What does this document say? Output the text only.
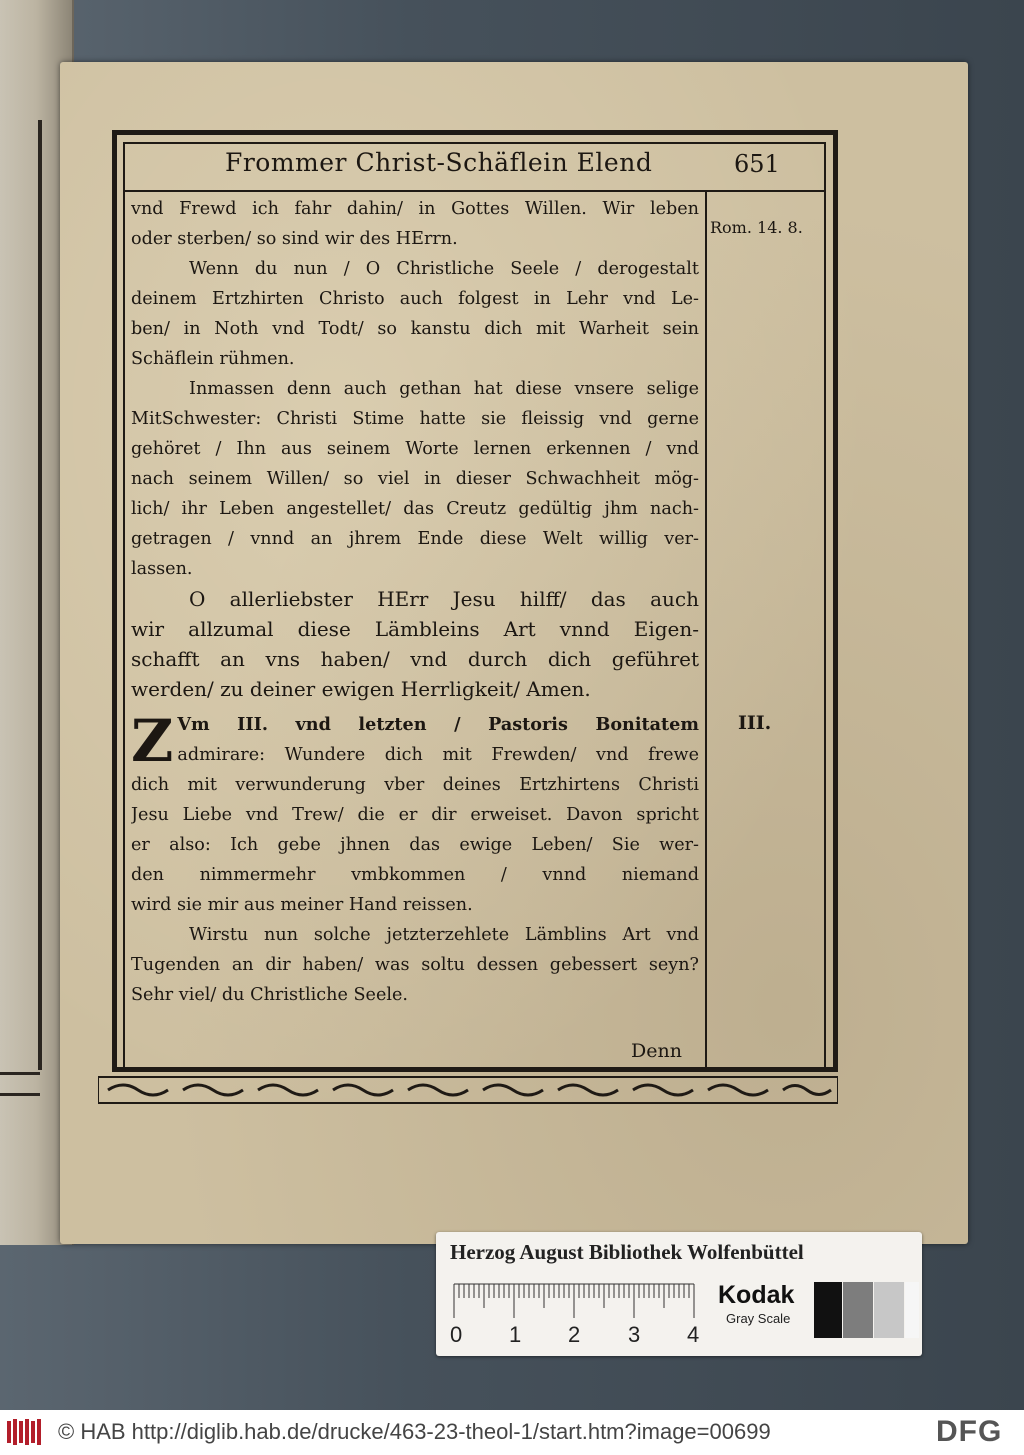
Frommer Christ-Schäflein Elend	651
Rom. 14. 8.
III.
vnd Frewd ich fahr dahin/ in Gottes Willen. Wir leben
oder sterben/ so sind wir des HErrn.
Wenn du nun / O Christliche Seele / derogestalt
deinem Ertzhirten Christo auch folgest in Lehr vnd Le-
ben/ in Noth vnd Todt/ so kanstu dich mit Warheit sein
Schäflein rühmen.
Inmassen denn auch gethan hat diese vnsere selige
MitSchwester: Christi Stime hatte sie fleissig vnd gerne
gehöret / Ihn aus seinem Worte lernen erkennen / vnd
nach seinem Willen/ so viel in dieser Schwachheit mög-
lich/ ihr Leben angestellet/ das Creutz gedültig jhm nach-
getragen / vnnd an jhrem Ende diese Welt willig ver-
lassen.
O allerliebster HErr Jesu hilff/ das auch
wir allzumal diese Lämbleins Art vnnd Eigen-
schafft an vns haben/ vnd durch dich geführet
werden/ zu deiner ewigen Herrligkeit/ Amen.
Z Vm III. vnd letzten / Pastoris Bonitatem
admirare: Wundere dich mit Frewden/ vnd frewe
dich mit verwunderung vber deines Ertzhirtens Christi
Jesu Liebe vnd Trew/ die er dir erweiset. Davon spricht
er also: Ich gebe jhnen das ewige Leben/ Sie wer-
den nimmermehr vmbkommen / vnnd niemand
wird sie mir aus meiner Hand reissen.
Wirstu nun solche jetzterzehlete Lämblins Art vnd
Tugenden an dir haben/ was soltu dessen gebessert seyn?
Sehr viel/ du Christliche Seele.
Denn
Herzog August Bibliothek Wolfenbüttel
0 1 2 3 4
Kodak
Gray Scale
© HAB http://diglib.hab.de/drucke/463-23-theol-1/start.htm?image=00699	DFG
